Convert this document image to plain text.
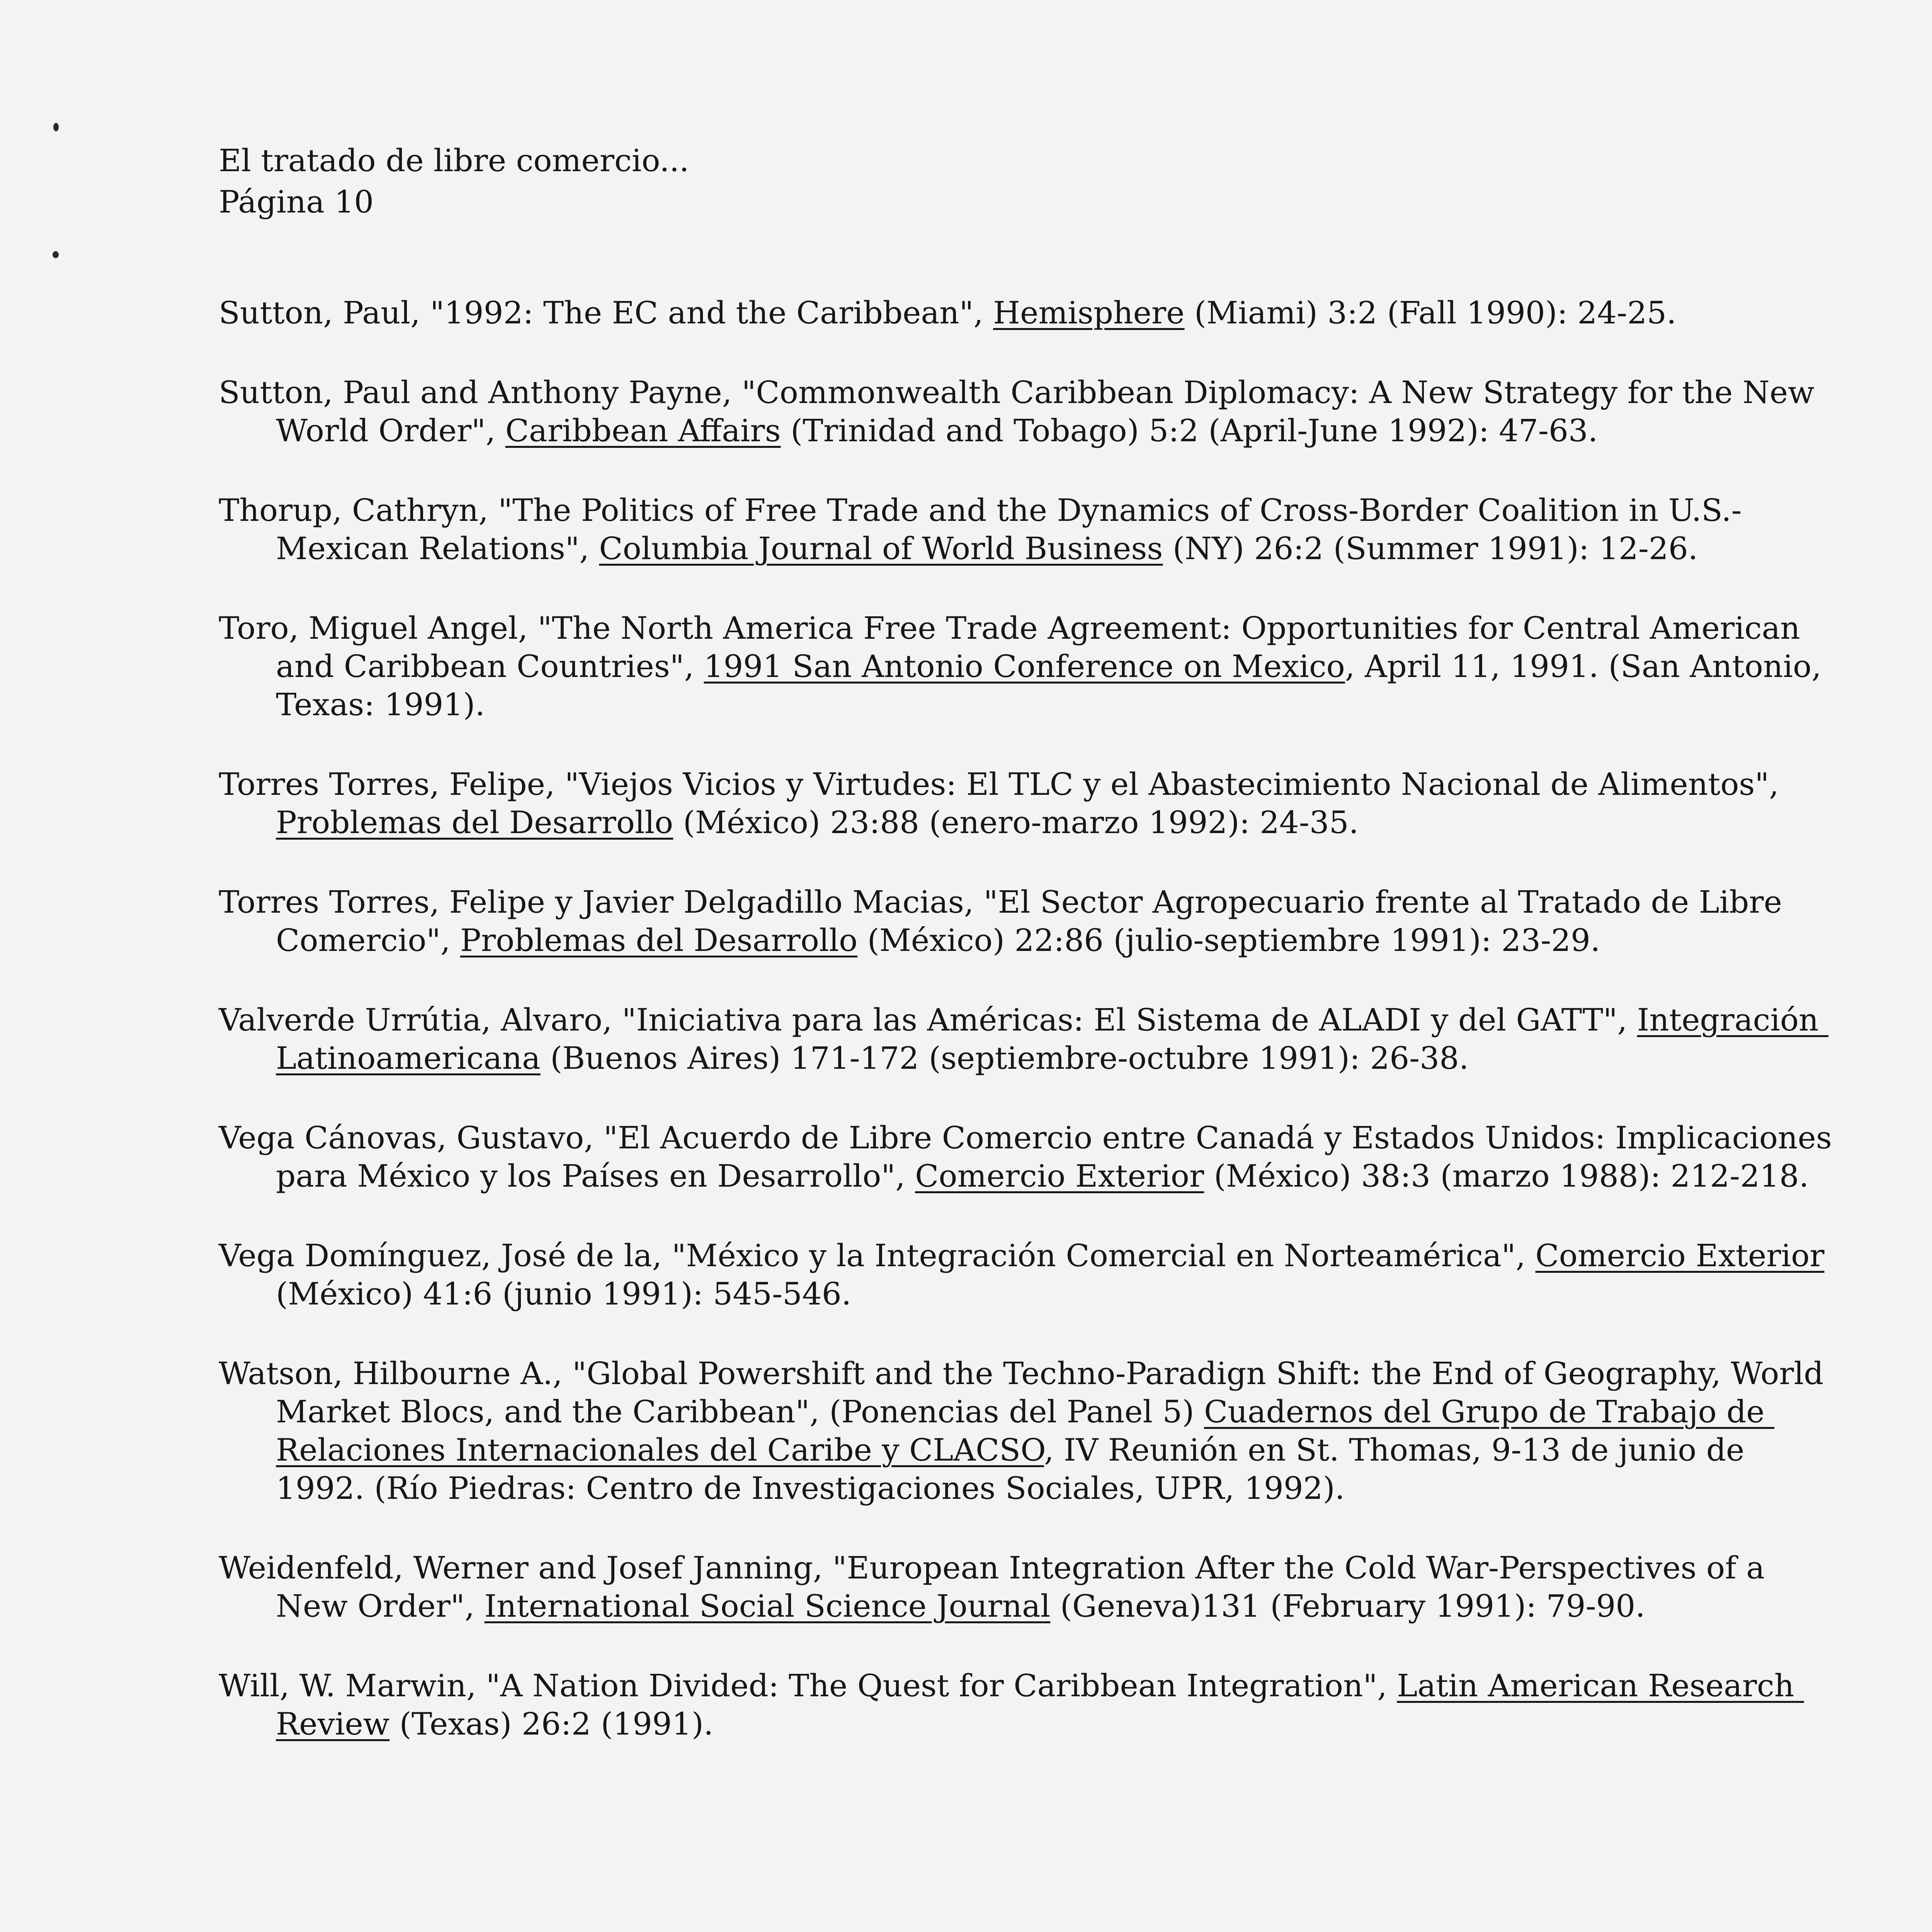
El tratado de libre comercio...
Página 10
Sutton, Paul, "1992: The EC and the Caribbean", Hemisphere (Miami) 3:2 (Fall 1990): 24-25.
Sutton, Paul and Anthony Payne, "Commonwealth Caribbean Diplomacy: A New Strategy for the New World Order", Caribbean Affairs (Trinidad and Tobago) 5:2 (April-June 1992): 47-63.
Thorup, Cathryn, "The Politics of Free Trade and the Dynamics of Cross-Border Coalition in U.S.-Mexican Relations", Columbia Journal of World Business (NY) 26:2 (Summer 1991): 12-26.
Toro, Miguel Angel, "The North America Free Trade Agreement: Opportunities for Central American and Caribbean Countries", 1991 San Antonio Conference on Mexico, April 11, 1991. (San Antonio, Texas: 1991).
Torres Torres, Felipe, "Viejos Vicios y Virtudes: El TLC y el Abastecimiento Nacional de Alimentos", Problemas del Desarrollo (México) 23:88 (enero-marzo 1992): 24-35.
Torres Torres, Felipe y Javier Delgadillo Macias, "El Sector Agropecuario frente al Tratado de Libre Comercio", Problemas del Desarrollo (México) 22:86 (julio-septiembre 1991): 23-29.
Valverde Urrútia, Alvaro, "Iniciativa para las Américas: El Sistema de ALADI y del GATT", Integración Latinoamericana (Buenos Aires) 171-172 (septiembre-octubre 1991): 26-38.
Vega Cánovas, Gustavo, "El Acuerdo de Libre Comercio entre Canadá y Estados Unidos: Implicaciones para México y los Países en Desarrollo", Comercio Exterior (México) 38:3 (marzo 1988): 212-218.
Vega Domínguez, José de la, "México y la Integración Comercial en Norteamérica", Comercio Exterior (México) 41:6 (junio 1991): 545-546.
Watson, Hilbourne A., "Global Powershift and the Techno-Paradign Shift: the End of Geography, World Market Blocs, and the Caribbean", (Ponencias del Panel 5) Cuadernos del Grupo de Trabajo de Relaciones Internacionales del Caribe y CLACSO, IV Reunión en St. Thomas, 9-13 de junio de 1992. (Río Piedras: Centro de Investigaciones Sociales, UPR, 1992).
Weidenfeld, Werner and Josef Janning, "European Integration After the Cold War-Perspectives of a New Order", International Social Science Journal (Geneva)131 (February 1991): 79-90.
Will, W. Marwin, "A Nation Divided: The Quest for Caribbean Integration", Latin American Research Review (Texas) 26:2 (1991).
